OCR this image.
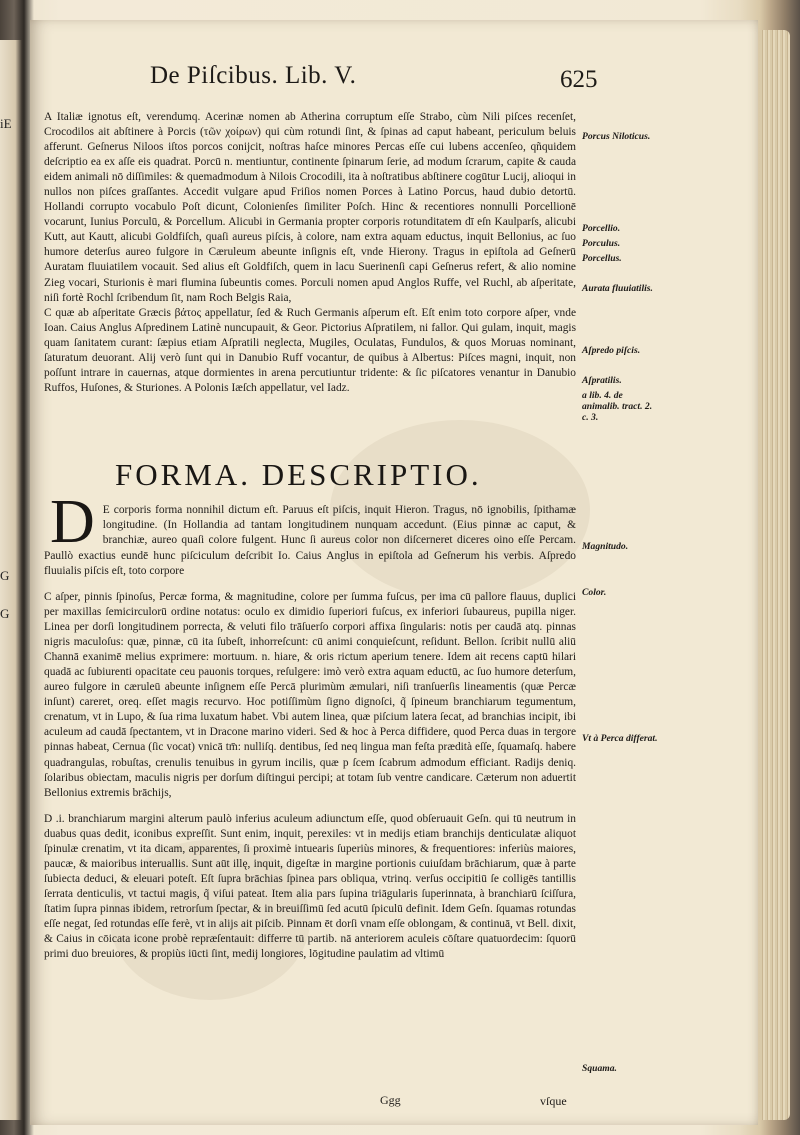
iE
G
G
De Piſcibus. Lib. V.	625

A Italiæ ignotus eſt, verendumq. Acerinæ nomen ab Atherina corruptum eſſe Strabo, cùm Nili piſces recenſet, Crocodilos ait abſtinere à Porcis (τῶν χοίρων) qui cùm rotundi ſint, & ſpinas ad caput habeant, periculum beluis afferunt. Geſnerus Niloos iſtos porcos conijcit, noſtras haſce minores Percas eſſe cui lubens accenſeo, qñquidem deſcriptio ea ex aſſe eis quadrat. Porcū n. mentiuntur, continente ſpinarum ſerie, ad modum ſcrarum, capite & cauda eidem animali nō diſſimiles: & quemadmodum à Nilois Crocodili, ita à noſtratibus abſtinere cogūtur Lucij, alioqui in nullos non piſces graſſantes. Accedit vulgare apud Friſios nomen Porces à Latino Porcus, haud dubio detortū. Hollandi corrupto vocabulo Poſt dicunt, Colonienſes ſimiliter Poſch. Hinc & recentiores nonnulli Porcellionē vocarunt, Iunius Porculū, & Porcellum. Alicubi in Germania propter corporis rotunditatem dī eſn Kaulparſs, alicubi Kutt, aut Kautt, alicubi Goldfiſch, quaſi aureus piſcis, à colore, nam extra aquam eductus, inquit Bellonius, ac ſuo humore deterſus aureo fulgore in Cæruleum abeunte inſignis eſt, vnde Hierony. Tragus in epiſtola ad Geſnerū Auratam fluuiatilem vocauit. Sed alius eſt Goldfiſch, quem in lacu Suerinenſi capi Geſnerus refert, & alio nomine Zieg vocari, Sturionis è mari flumina ſubeuntis comes. Porculi nomen apud Anglos Ruffe, vel Ruchl, ab aſperitate, niſi fortè Rochl ſcribendum ſit, nam Roch Belgis Raia,

C quæ ab aſperitate Græcis βάτος appellatur, ſed & Ruch Germanis aſperum eſt. Eſt enim toto corpore aſper, vnde Ioan. Caius Anglus Aſpredinem Latinè nuncupauit, & Geor. Pictorius Aſpratilem, ni fallor. Qui gulam, inquit, magis quam ſanitatem curant: ſæpius etiam Aſpratili neglecta, Mugiles, Oculatas, Fundulos, & quos Moruas nominant, ſaturatum deuorant. Alij verò ſunt qui in Danubio Ruff vocantur, de quibus à Albertus: Piſces magni, inquit, non poſſunt intrare in cauernas, atque dormientes in arena percutiuntur tridente: & ſic piſcatores venantur in Danubio Ruffos, Huſones, & Sturiones. A Polonis Iæſch appellatur, vel Iadz.

FORMA. DESCRIPTIO.
D E corporis forma nonnihil dictum eſt. Paruus eſt piſcis, inquit Hieron. Tragus, nō ignobilis, ſpithamæ longitudine. (In Hollandia ad tantam longitudinem nunquam accedunt. (Eius pinnæ ac caput, & branchiæ, aureo quaſi colore fulgent. Hunc ſi aureus color non diſcerneret diceres oino eſſe Percam. Paullò exactius eundē hunc piſciculum deſcribit Io. Caius Anglus in epiſtola ad Geſnerum his verbis. Aſpredo fluuialis piſcis eſt, toto corpore

C aſper, pinnis ſpinoſus, Percæ forma, & magnitudine, colore per ſumma fuſcus, per ima cū pallore flauus, duplici per maxillas ſemicirculorū ordine notatus: oculo ex dimidio ſuperiori fuſcus, ex inferiori ſubaureus, pupilla niger. Linea per dorſi longitudinem porrecta, & veluti filo trāſuerſo corpori affixa ſingularis: notis per caudā atq. pinnas nigris maculoſus: quæ, pinnæ, cū ita ſubeſt, inhorreſcunt: cū animi conquieſcunt, reſidunt. Bellon. ſcribit nullū aliū Channā exanimē melius exprimere: mortuum. n. hiare, & oris rictum aperium tenere. Idem ait recens captū hilari quadā ac ſubiurenti opacitate ceu pauonis torques, reſulgere: imò verò extra aquam eductū, ac ſuo humore deterſum, aureo fulgore in cæruleū abeunte inſignem eſſe Percā plurimùm æmulari, niſi tranſuerſis lineamentis (quæ Percæ inſunt) careret, oreq. eſſet magis recurvo. Hoc potiſſimùm ſigno dignoſci, q̃ ſpineum branchiarum tegumentum, crenatum, vt in Lupo, & ſua rima luxatum habet. Vbi autem linea, quæ piſcium latera ſecat, ad branchias incipit, ibi aculeum ad caudā ſpectantem, vt in Dracone marino videri. Sed & hoc à Perca diffidere, quod Perca duas in tergore pinnas habeat, Cernua (ſic vocat) vnicā tm̄: nulliſq. dentibus, ſed neq lingua man feſta prædità eſſe, ſquamaſq. habere quadrangulas, robuſtas, crenulis tenuibus in gyrum incilis, quæ p ſcem ſcabrum admodum efficiant. Radijs deniq. ſolaribus obiectam, maculis nigris per dorſum diſtingui percipi; at totam ſub ventre candicare. Cæterum non aduertit Bellonius extremis brāchijs,

D .i. branchiarum margini alterum paulò inferius aculeum adiunctum eſſe, quod obſeruauit Geſn. qui tū neutrum in duabus quas dedit, iconibus expreſſit. Sunt enim, inquit, perexiles: vt in medijs etiam branchijs denticulatæ aliquot ſpinulæ crenatim, vt ita dicam, apparentes, ſi proximè intuearis ſuperiùs minores, & frequentiores: inferiùs maiores, paucæ, & maioribus interuallis. Sunt aūt illę, inquit, digeſtæ in margine portionis cuiuſdam brāchiarum, quæ à parte ſubiecta deduci, & eleuari poteſt. Eſt ſupra brāchias ſpinea pars obliqua, vtrinq. verſus occipitiū ſe colligēs tantillis ſerrata denticulis, vt tactui magis, q̃ viſui pateat. Item alia pars ſupina triāgularis ſuperinnata, à branchiarū ſciſſura, ſtatim ſupra pinnas ibidem, retrorſum ſpectar, & in breuiſſimū ſed acutū ſpiculū definit. Idem Geſn. ſquamas rotundas eſſe negat, ſed rotundas eſſe ferè, vt in alijs ait piſcib. Pinnam ēt dorſi vnam eſſe oblongam, & continuā, vt Bell. dixit, & Caius in cōicata icone probè repræſentauit: differre tū partib. nā anteriorem aculeis cōſtare quatuordecim: ſquorū primi duo breuiores, & propiùs iūcti ſint, medij longiores, lōgitudine paulatim ad vltimū

Porcus Niloticus.
Porcellio.
Porculus.
Porcellus.
Aurata fluuiatilis.
Aſpredo piſcis.
Aſpratilis.
a lib. 4. de animalib. tract. 2. c. 3.
Magnitudo.
Color.
Vt à Perca differat.
Squama.
Ggg	vſque
